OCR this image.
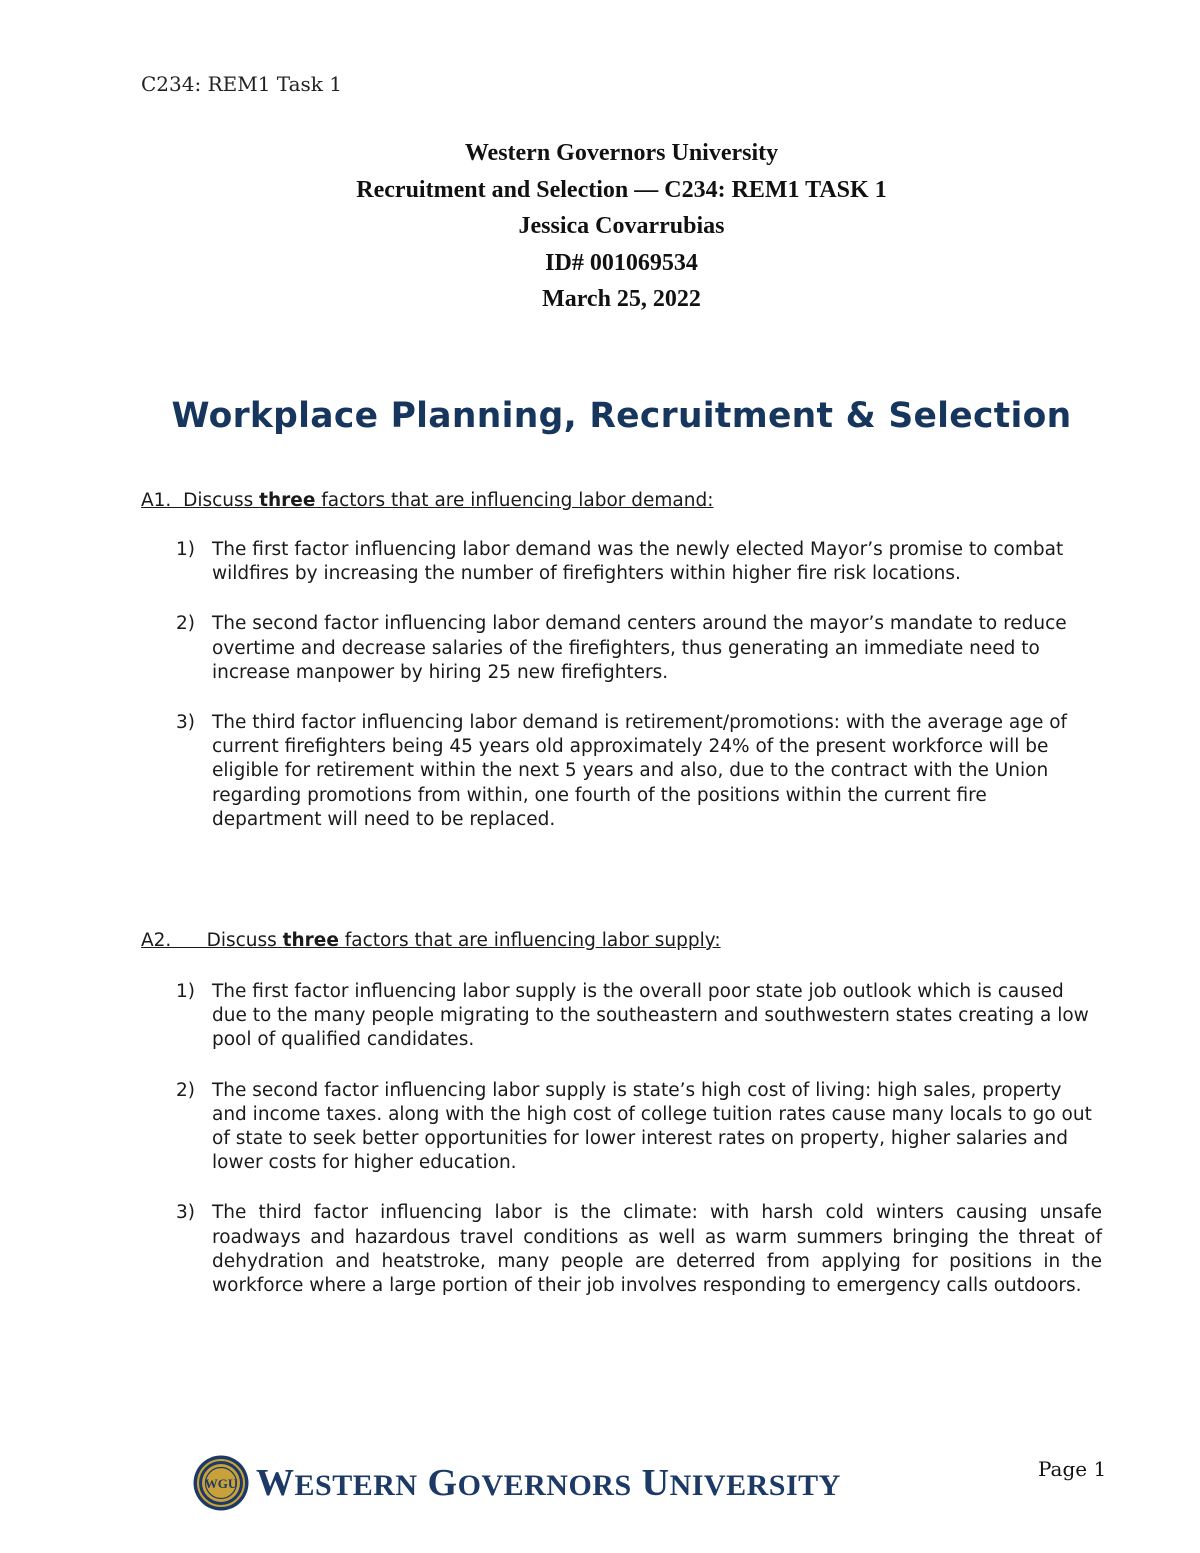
C234: REM1 Task 1
Western Governors University
Recruitment and Selection — C234: REM1 TASK 1
Jessica Covarrubias
ID# 001069534
March 25, 2022
Workplace Planning, Recruitment & Selection
A1.  Discuss three factors that are influencing labor demand:
1) The first factor influencing labor demand was the newly elected Mayor’s promise to combat wildfires by increasing the number of firefighters within higher fire risk locations.
2) The second factor influencing labor demand centers around the mayor’s mandate to reduce overtime and decrease salaries of the firefighters, thus generating an immediate need to increase manpower by hiring 25 new firefighters.
3) The third factor influencing labor demand is retirement/promotions: with the average age of current firefighters being 45 years old approximately 24% of the present workforce will be eligible for retirement within the next 5 years and also, due to the contract with the Union regarding promotions from within, one fourth of the positions within the current fire department will need to be replaced.
A2.      Discuss three factors that are influencing labor supply:
1) The first factor influencing labor supply is the overall poor state job outlook which is caused due to the many people migrating to the southeastern and southwestern states creating a low pool of qualified candidates.
2) The second factor influencing labor supply is state’s high cost of living: high sales, property and income taxes. along with the high cost of college tuition rates cause many locals to go out of state to seek better opportunities for lower interest rates on property, higher salaries and lower costs for higher education.
3) The third factor influencing labor is the climate: with harsh cold winters causing unsafe roadways and hazardous travel conditions as well as warm summers bringing the threat of dehydration and heatstroke, many people are deterred from applying for positions in the workforce where a large portion of their job involves responding to emergency calls outdoors.
WGU WESTERN GOVERNORS UNIVERSITY	Page 1
